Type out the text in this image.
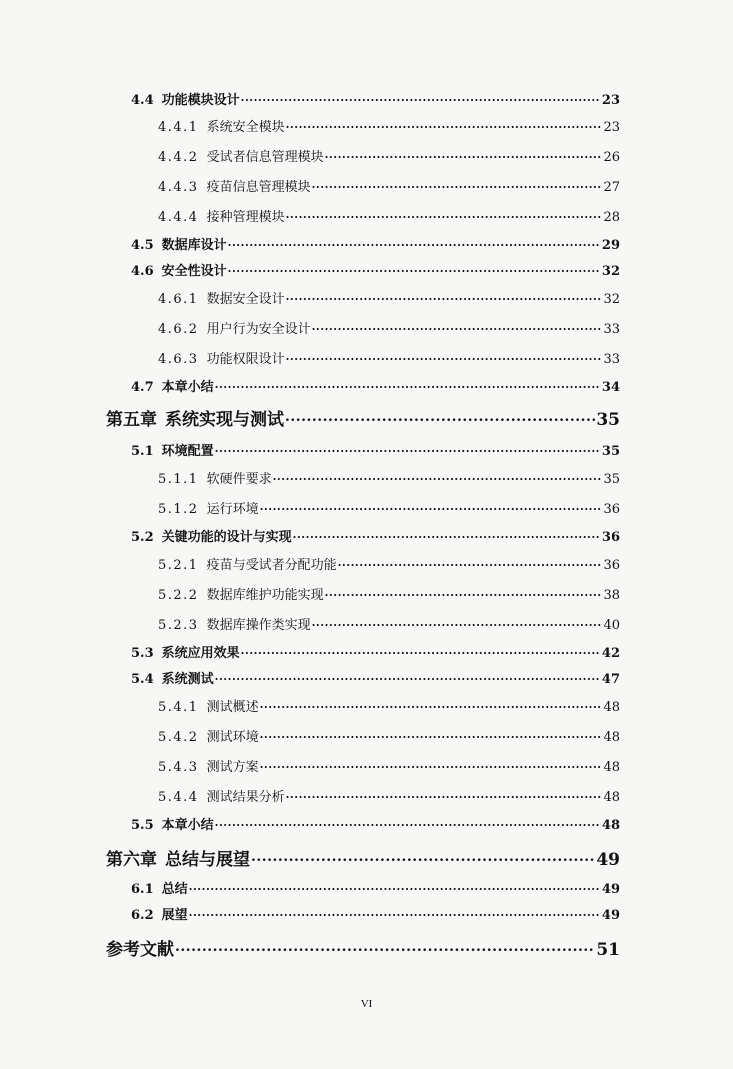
4.4 功能模块设计 .....	23
4.4.1 系统安全模块 .....	23
4.4.2 受试者信息管理模块 .....	26
4.4.3 疫苗信息管理模块 .....	27
4.4.4 接种管理模块 .....	28
4.5 数据库设计 .....	29
4.6 安全性设计 .....	32
4.6.1 数据安全设计 .....	32
4.6.2 用户行为安全设计 .....	33
4.6.3 功能权限设计 .....	33
4.7 本章小结 .....	34
第五章 系统实现与测试 .....	35
5.1 环境配置 .....	35
5.1.1 软硬件要求 .....	35
5.1.2 运行环境 .....	36
5.2 关键功能的设计与实现 .....	36
5.2.1 疫苗与受试者分配功能 .....	36
5.2.2 数据库维护功能实现 .....	38
5.2.3 数据库操作类实现 .....	40
5.3 系统应用效果 .....	42
5.4 系统测试 .....	47
5.4.1 测试概述 .....	48
5.4.2 测试环境 .....	48
5.4.3 测试方案 .....	48
5.4.4 测试结果分析 .....	48
5.5 本章小结 .....	48
第六章 总结与展望 .....	49
6.1 总结 .....	49
6.2 展望 .....	49
参考文献 .....	51
VI
